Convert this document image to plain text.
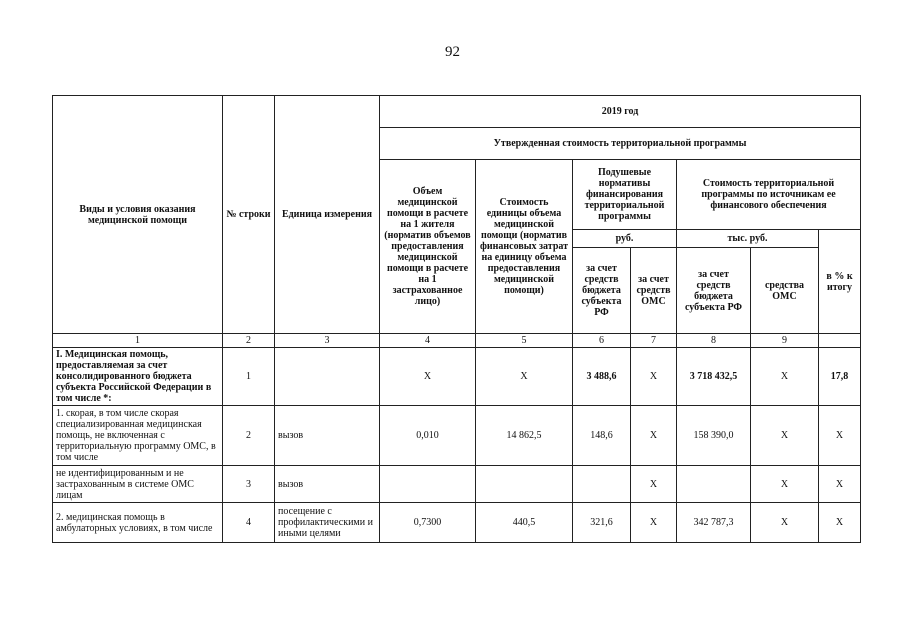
92
Виды и условия оказания медицинской помощи	№ строки	Единица измерения	2019 год						
			Утвержденная стоимость территориальной программы						
			Объем медицинской помощи в расчете на 1 жителя (норматив объемов предоставления медицинской помощи в расчете на 1 застрахованное лицо)	Стоимость единицы объема медицинской помощи (норматив финансовых затрат на единицу объема предоставления медицинской помощи)	Подушевые нормативы финансирования территориальной программы		Стоимость территориальной программы по источникам ее финансового обеспечения		
					руб.		тыс. руб.		в % к итогу
					за счет средств бюджета субъекта РФ	за счет средств ОМС	за счет средств бюджета субъекта РФ	средства ОМС	
1	2	3	4	5	6	7	8	9	
I. Медицинская помощь, предоставляемая за счет консолидированного бюджета субъекта Российской Федерации в том числе *:	1		X	X	3 488,6	X	3 718 432,5	X	17,8
1. скорая, в том числе скорая специализированная медицинская помощь, не включенная с территориальную программу ОМС, в том числе	2	вызов	0,010	14 862,5	148,6	X	158 390,0	X	X
не идентифицированным и не застрахованным в системе ОМС лицам	3	вызов				X		X	X
2. медицинская помощь в амбулаторных условиях, в том числе	4	посещение с профилактическими и иными целями	0,7300	440,5	321,6	X	342 787,3	X	X
